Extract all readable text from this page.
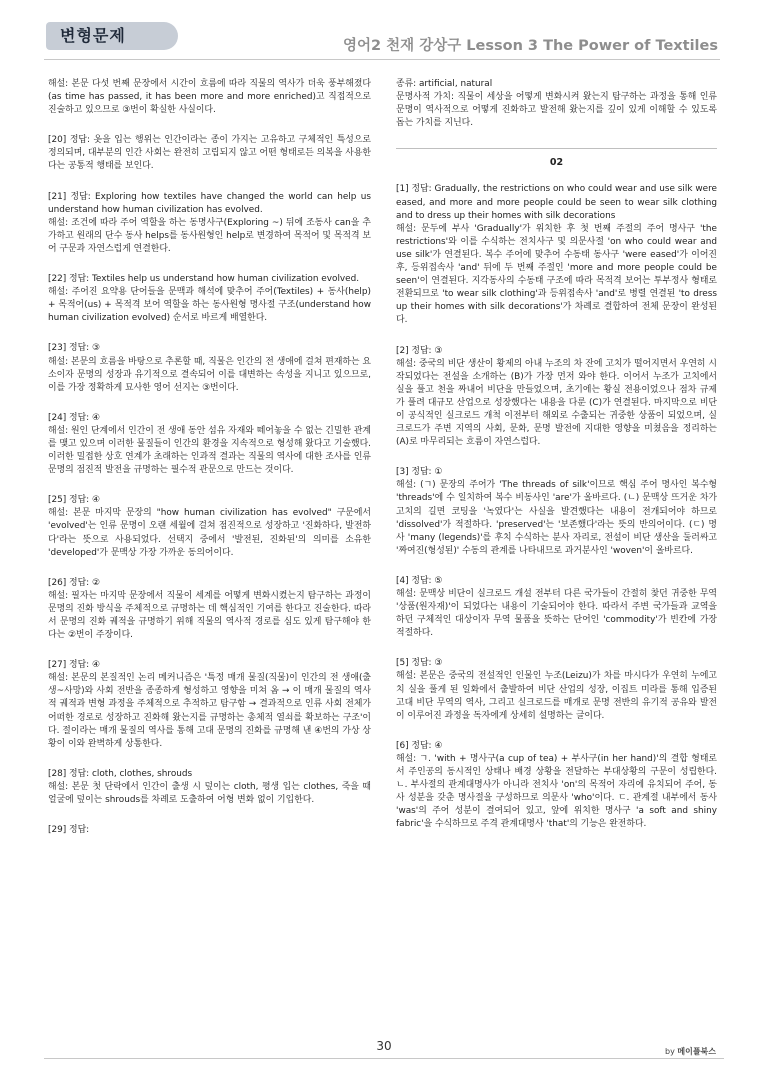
변형문제
영어2 천재 강상구 Lesson 3 The Power of Textiles

해설: 본문 다섯 번째 문장에서 시간이 흐름에 따라 직물의 역사가 더욱 풍부해졌다(as time has passed, it has been more and more enriched)고 직접적으로 진술하고 있으므로 ③번이 확실한 사실이다.

[20] 정답: 옷을 입는 행위는 인간이라는 종이 가지는 고유하고 구체적인 특성으로 정의되며, 대부분의 인간 사회는 완전히 고립되지 않고 어떤 형태로든 의복을 사용한다는 공통적 행태를 보인다.

[21] 정답: Exploring how textiles have changed the world can help us understand how human civilization has evolved.
해설: 조건에 따라 주어 역할을 하는 동명사구(Exploring ~) 뒤에 조동사 can을 추가하고 원래의 단수 동사 helps를 동사원형인 help로 변경하여 목적어 및 목적격 보어 구문과 자연스럽게 연결한다.

[22] 정답: Textiles help us understand how human civilization evolved.
해설: 주어진 요약용 단어들을 문맥과 해석에 맞추어 주어(Textiles) + 동사(help) + 목적어(us) + 목적격 보어 역할을 하는 동사원형 명사절 구조(understand how human civilization evolved) 순서로 바르게 배열한다.

[23] 정답: ③
해설: 본문의 흐름을 바탕으로 추론할 때, 직물은 인간의 전 생애에 걸쳐 편재하는 요소이자 문명의 성장과 유기적으로 결속되어 이를 대변하는 속성을 지니고 있으므로, 이를 가장 정확하게 묘사한 영어 선지는 ③번이다.

[24] 정답: ④
해설: 원인 단계에서 인간이 전 생애 동안 섬유 자재와 떼어놓을 수 없는 긴밀한 관계를 맺고 있으며 이러한 물질들이 인간의 환경을 지속적으로 형성해 왔다고 기술했다. 이러한 밀접한 상호 연계가 초래하는 인과적 결과는 직물의 역사에 대한 조사를 인류 문명의 점진적 발전을 규명하는 필수적 관문으로 만드는 것이다.

[25] 정답: ④
해설: 본문 마지막 문장의 "how human civilization has evolved" 구문에서 'evolved'는 인류 문명이 오랜 세월에 걸쳐 점진적으로 성장하고 '진화하다, 발전하다'라는 뜻으로 사용되었다. 선택지 중에서 '발전된, 진화된'의 의미를 소유한 'developed'가 문맥상 가장 가까운 동의어이다.

[26] 정답: ②
해설: 필자는 마지막 문장에서 직물이 세계를 어떻게 변화시켰는지 탐구하는 과정이 문명의 진화 방식을 주체적으로 규명하는 데 핵심적인 기여를 한다고 진술한다. 따라서 문명의 진화 궤적을 규명하기 위해 직물의 역사적 경로를 심도 있게 탐구해야 한다는 ②번이 주장이다.

[27] 정답: ④
해설: 본문의 본질적인 논리 메커니즘은 '특정 매개 물질(직물)이 인간의 전 생애(출생~사망)와 사회 전반을 종종하게 형성하고 영향을 미쳐 옴 → 이 매개 물질의 역사적 궤적과 변형 과정을 주체적으로 추적하고 탐구함 → 결과적으로 인류 사회 전체가 어떠한 경로로 성장하고 진화해 왔는지를 규명하는 총체적 열쇠를 확보하는 구조'이다. 절이라는 매개 물질의 역사를 통해 고대 문명의 진화를 규명해 낸 ④번의 가상 상황이 이와 완벽하게 상통한다.

[28] 정답: cloth, clothes, shrouds
해설: 본문 첫 단락에서 인간이 출생 시 덮이는 cloth, 평생 입는 clothes, 죽을 때 얼굴에 덮이는 shrouds를 차례로 도출하여 어형 변화 없이 기입한다.

[29] 정답:

종류: artificial, natural
문명사적 가치: 직물이 세상을 어떻게 변화시켜 왔는지 탐구하는 과정을 통해 인류 문명이 역사적으로 어떻게 진화하고 발전해 왔는지를 깊이 있게 이해할 수 있도록 돕는 가치를 지닌다.

02

[1] 정답: Gradually, the restrictions on who could wear and use silk were eased, and more and more people could be seen to wear silk clothing and to dress up their homes with silk decorations
해설: 문두에 부사 'Gradually'가 위치한 후 첫 번째 주절의 주어 명사구 'the restrictions'와 이를 수식하는 전치사구 및 의문사절 'on who could wear and use silk'가 연결된다. 복수 주어에 맞추어 수동태 동사구 'were eased'가 이어진 후, 등위접속사 'and' 뒤에 두 번째 주절인 'more and more people could be seen'이 연결된다. 지각동사의 수동태 구조에 따라 목적격 보어는 투부정사 형태로 전환되므로 'to wear silk clothing'과 등위접속사 'and'로 병렬 연결된 'to dress up their homes with silk decorations'가 차례로 결합하여 전체 문장이 완성된다.

[2] 정답: ③
해설: 중국의 비단 생산이 황제의 아내 누조의 차 잔에 고치가 떨어지면서 우연히 시작되었다는 전설을 소개하는 (B)가 가장 먼저 와야 한다. 이어서 누조가 고치에서 실을 풀고 천을 짜내어 비단을 만들었으며, 초기에는 황실 전용이었으나 점차 규제가 풀려 대규모 산업으로 성장했다는 내용을 다룬 (C)가 연결된다. 마지막으로 비단이 공식적인 실크로드 개척 이전부터 해외로 수출되는 귀중한 상품이 되었으며, 실크로드가 주변 지역의 사회, 문화, 문명 발전에 지대한 영향을 미쳤음을 정리하는 (A)로 마무리되는 흐름이 자연스럽다.

[3] 정답: ①
해설: (ㄱ) 문장의 주어가 'The threads of silk'이므로 핵심 주어 명사인 복수형 'threads'에 수 일치하여 복수 비동사인 'are'가 올바르다. (ㄴ) 문맥상 뜨거운 차가 고치의 길면 코팅을 '녹였다'는 사실을 발견했다는 내용이 전개되어야 하므로 'dissolved'가 적절하다. 'preserved'는 '보존했다'라는 뜻의 반의어이다. (ㄷ) 명사 'many (legends)'를 후치 수식하는 분사 자리로, 전설이 비단 생산을 둘러싸고 '짜여진(형성된)' 수동의 관계를 나타내므로 과거분사인 'woven'이 올바르다.

[4] 정답: ⑤
해설: 문맥상 비단이 실크로드 개설 전부터 다른 국가들이 간절히 찾던 귀중한 무역 '상품(원자재)'이 되었다는 내용이 기술되어야 한다. 따라서 주변 국가들과 교역을 하던 구체적인 대상이자 무역 물품을 뜻하는 단어인 'commodity'가 빈칸에 가장 적절하다.

[5] 정답: ③
해설: 본문은 중국의 전설적인 인물인 누조(Leizu)가 차를 마시다가 우연히 누에고치 실을 풀게 된 일화에서 출발하여 비단 산업의 성장, 이집트 미라를 통해 입증된 고대 비단 무역의 역사, 그리고 실크로드를 매개로 문명 전반의 유기적 공유와 발전이 이루어진 과정을 독자에게 상세히 설명하는 글이다.

[6] 정답: ④
해설: ㄱ. 'with + 명사구(a cup of tea) + 부사구(in her hand)'의 결합 형태로서 주인공의 동시적인 상태나 배경 상황을 전달하는 부대상황의 구문이 성립한다. ㄴ. 부사절의 관계대명사가 아니라 전치사 'on'의 목적어 자리에 유치되어 주어, 동사 성분을 갖춘 명사절을 구성하므로 의문사 'who'이다. ㄷ. 관계절 내부에서 동사 'was'의 주어 성분이 결여되어 있고, 앞에 위치한 명사구 'a soft and shiny fabric'을 수식하므로 주격 관계대명사 'that'의 기능은 완전하다.

30	by 메이플북스
